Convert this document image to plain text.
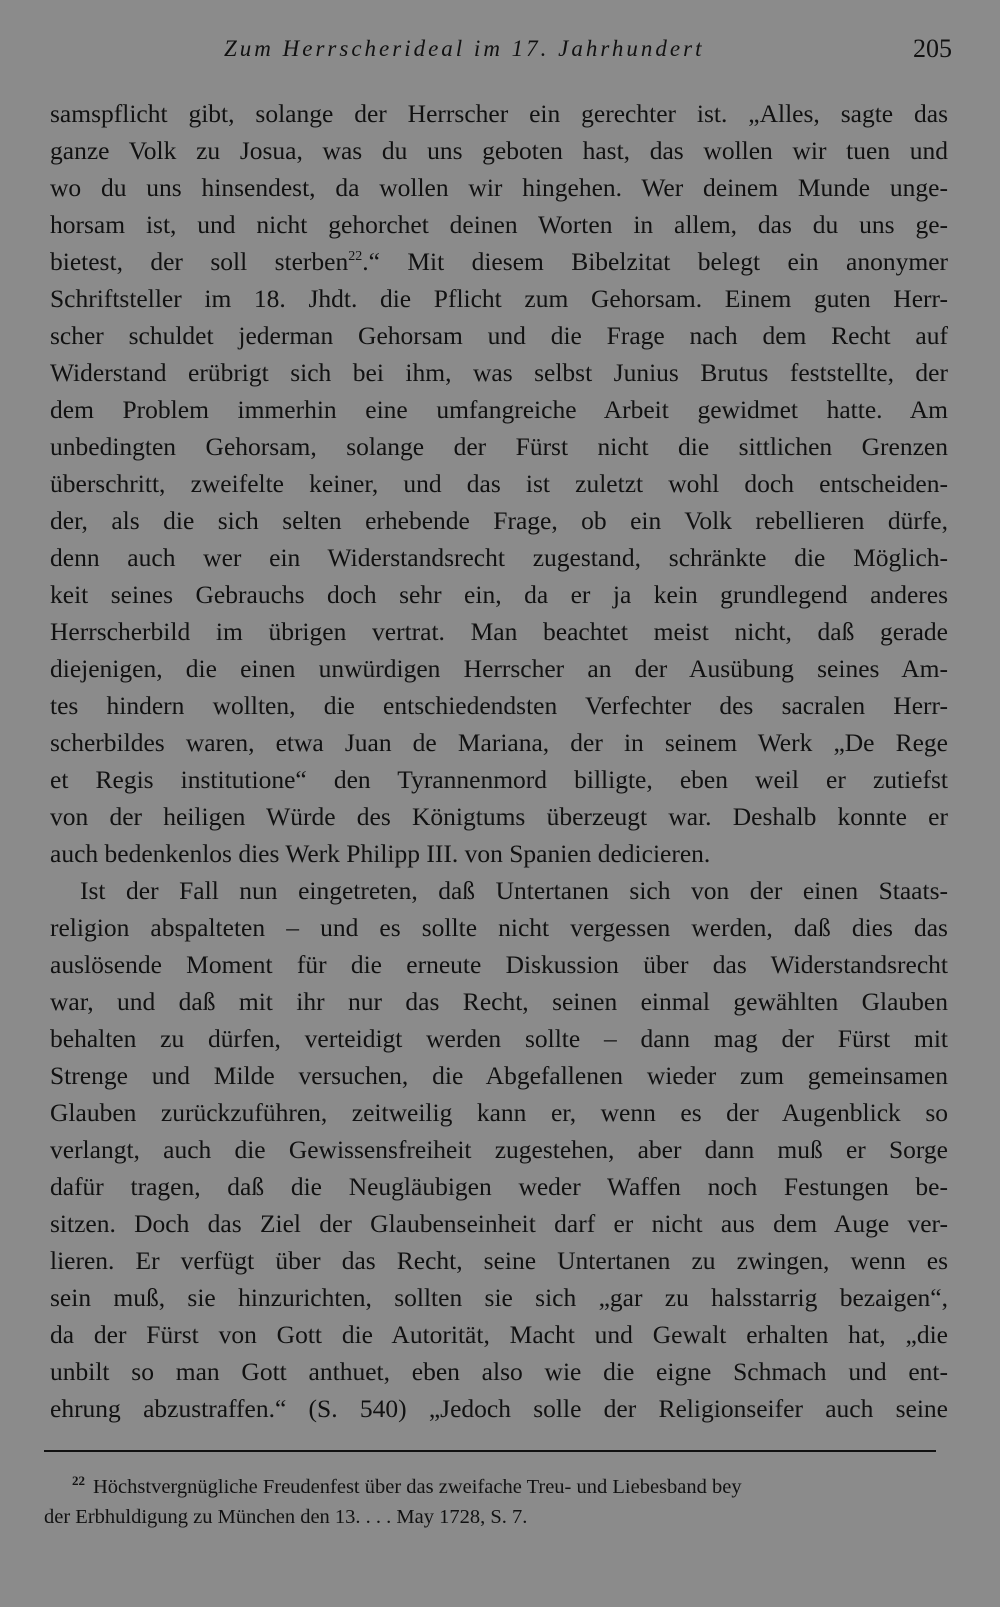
Zum Herrscherideal im 17. Jahrhundert	205
samspflicht gibt, solange der Herrscher ein gerechter ist. „Alles, sagte das
ganze Volk zu Josua, was du uns geboten hast, das wollen wir tuen und
wo du uns hinsendest, da wollen wir hingehen. Wer deinem Munde unge-
horsam ist, und nicht gehorchet deinen Worten in allem, das du uns ge-
bietest, der soll sterben$^{22}$.“ Mit diesem Bibelzitat belegt ein anonymer
Schriftsteller im 18. Jhdt. die Pflicht zum Gehorsam. Einem guten Herr-
scher schuldet jederman Gehorsam und die Frage nach dem Recht auf
Widerstand erübrigt sich bei ihm, was selbst Junius Brutus feststellte, der
dem Problem immerhin eine umfangreiche Arbeit gewidmet hatte. Am
unbedingten Gehorsam, solange der Fürst nicht die sittlichen Grenzen
überschritt, zweifelte keiner, und das ist zuletzt wohl doch entscheiden-
der, als die sich selten erhebende Frage, ob ein Volk rebellieren dürfe,
denn auch wer ein Widerstandsrecht zugestand, schränkte die Möglich-
keit seines Gebrauchs doch sehr ein, da er ja kein grundlegend anderes
Herrscherbild im übrigen vertrat. Man beachtet meist nicht, daß gerade
diejenigen, die einen unwürdigen Herrscher an der Ausübung seines Am-
tes hindern wollten, die entschiedendsten Verfechter des sacralen Herr-
scherbildes waren, etwa Juan de Mariana, der in seinem Werk „De Rege
et Regis institutione“ den Tyrannenmord billigte, eben weil er zutiefst
von der heiligen Würde des Königtums überzeugt war. Deshalb konnte er
auch bedenkenlos dies Werk Philipp III. von Spanien dedicieren.
Ist der Fall nun eingetreten, daß Untertanen sich von der einen Staats-
religion abspalteten – und es sollte nicht vergessen werden, daß dies das
auslösende Moment für die erneute Diskussion über das Widerstandsrecht
war, und daß mit ihr nur das Recht, seinen einmal gewählten Glauben
behalten zu dürfen, verteidigt werden sollte – dann mag der Fürst mit
Strenge und Milde versuchen, die Abgefallenen wieder zum gemeinsamen
Glauben zurückzuführen, zeitweilig kann er, wenn es der Augenblick so
verlangt, auch die Gewissensfreiheit zugestehen, aber dann muß er Sorge
dafür tragen, daß die Neugläubigen weder Waffen noch Festungen be-
sitzen. Doch das Ziel der Glaubenseinheit darf er nicht aus dem Auge ver-
lieren. Er verfügt über das Recht, seine Untertanen zu zwingen, wenn es
sein muß, sie hinzurichten, sollten sie sich „gar zu halsstarrig bezaigen“,
da der Fürst von Gott die Autorität, Macht und Gewalt erhalten hat, „die
unbilt so man Gott anthuet, eben also wie die eigne Schmach und ent-
ehrung abzustraffen.“ (S. 540) „Jedoch solle der Religionseifer auch seine
$^{22}$ Höchstvergnügliche Freudenfest über das zweifache Treu- und Liebesband bey
der Erbhuldigung zu München den 13. . . . May 1728, S. 7.
